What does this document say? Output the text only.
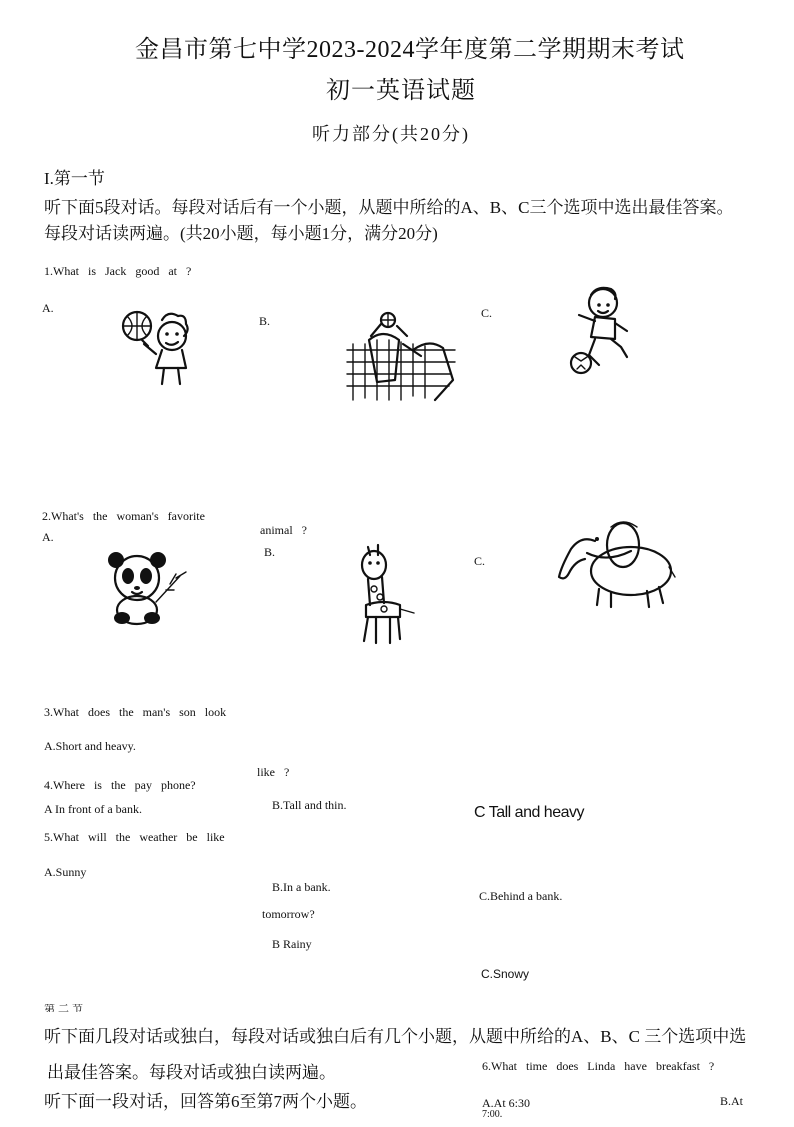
金昌市第七中学2023-2024学年度第二学期期末考试
初一英语试题
听力部分(共20分)
I.第一节
听下面5段对话。每段对话后有一个小题，从题中所给的A、B、C三个选项中选出最佳答案。
每段对话读两遍。(共20小题，每小题1分，满分20分)
1.What is Jack good at ?
A.
B.
C.
2.What's the woman's favorite
animal ?
A.
B.
C.
3.What does the man's son look
like ?
A.Short and heavy.
B.Tall and thin.	C Tall and heavy
4.Where is the pay phone?
A In front of a bank.
B.In a bank.
C.Behind a bank.
5.What will the weather be like
tomorrow?
A.Sunny
B Rainy
C.Snowy
第二节
听下面几段对话或独白，每段对话或独白后有几个小题，从题中所给的A、B、C 三个选项中选
出最佳答案。每段对话或独白读两遍。
听下面一段对话，回答第6至第7两个小题。
6.What time does Linda have breakfast ?
A.At 6:30
7:00.
B.At
